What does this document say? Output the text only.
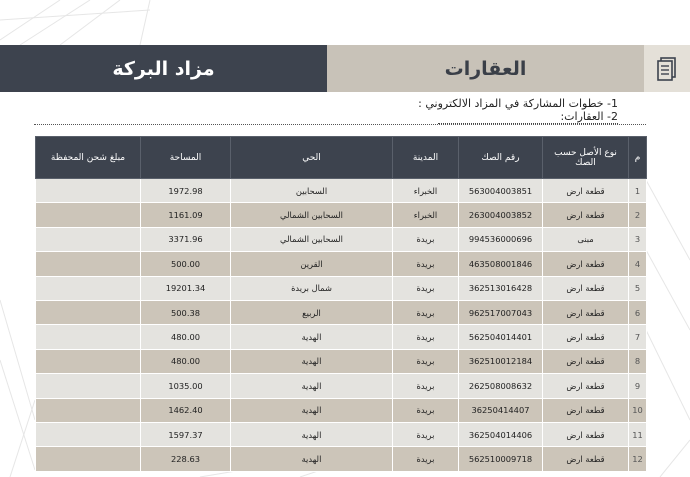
مزاد البركة	العقارات
1- خطوات المشاركة في المزاد الالكتروني :
2- العقارات:
م	نوع الأصل حسب الصك	رقم الصك	المدينة	الحي	المساحة	مبلغ شحن المحفظة
1	قطعة ارض	563004003851	الخبراء	السحابين	1972.98	
2	قطعة ارض	263004003852	الخبراء	السحابين الشمالي	1161.09	
3	مبنى	994536000696	بريدة	السحابين الشمالي	3371.96	
4	قطعة ارض	463508001846	بريدة	القرين	500.00	
5	قطعة ارض	362513016428	بريدة	شمال بريدة	19201.34	
6	قطعة ارض	962517007043	بريدة	الربيع	500.38	
7	قطعة ارض	562504014401	بريدة	الهدية	480.00	
8	قطعة ارض	362510012184	بريدة	الهدية	480.00	
9	قطعة ارض	262508008632	بريدة	الهدية	1035.00	
10	قطعة ارض	36250414407	بريدة	الهدية	1462.40	
11	قطعة ارض	362504014406	بريدة	الهدية	1597.37	
12	قطعة ارض	562510009718	بريدة	الهدية	228.63	
